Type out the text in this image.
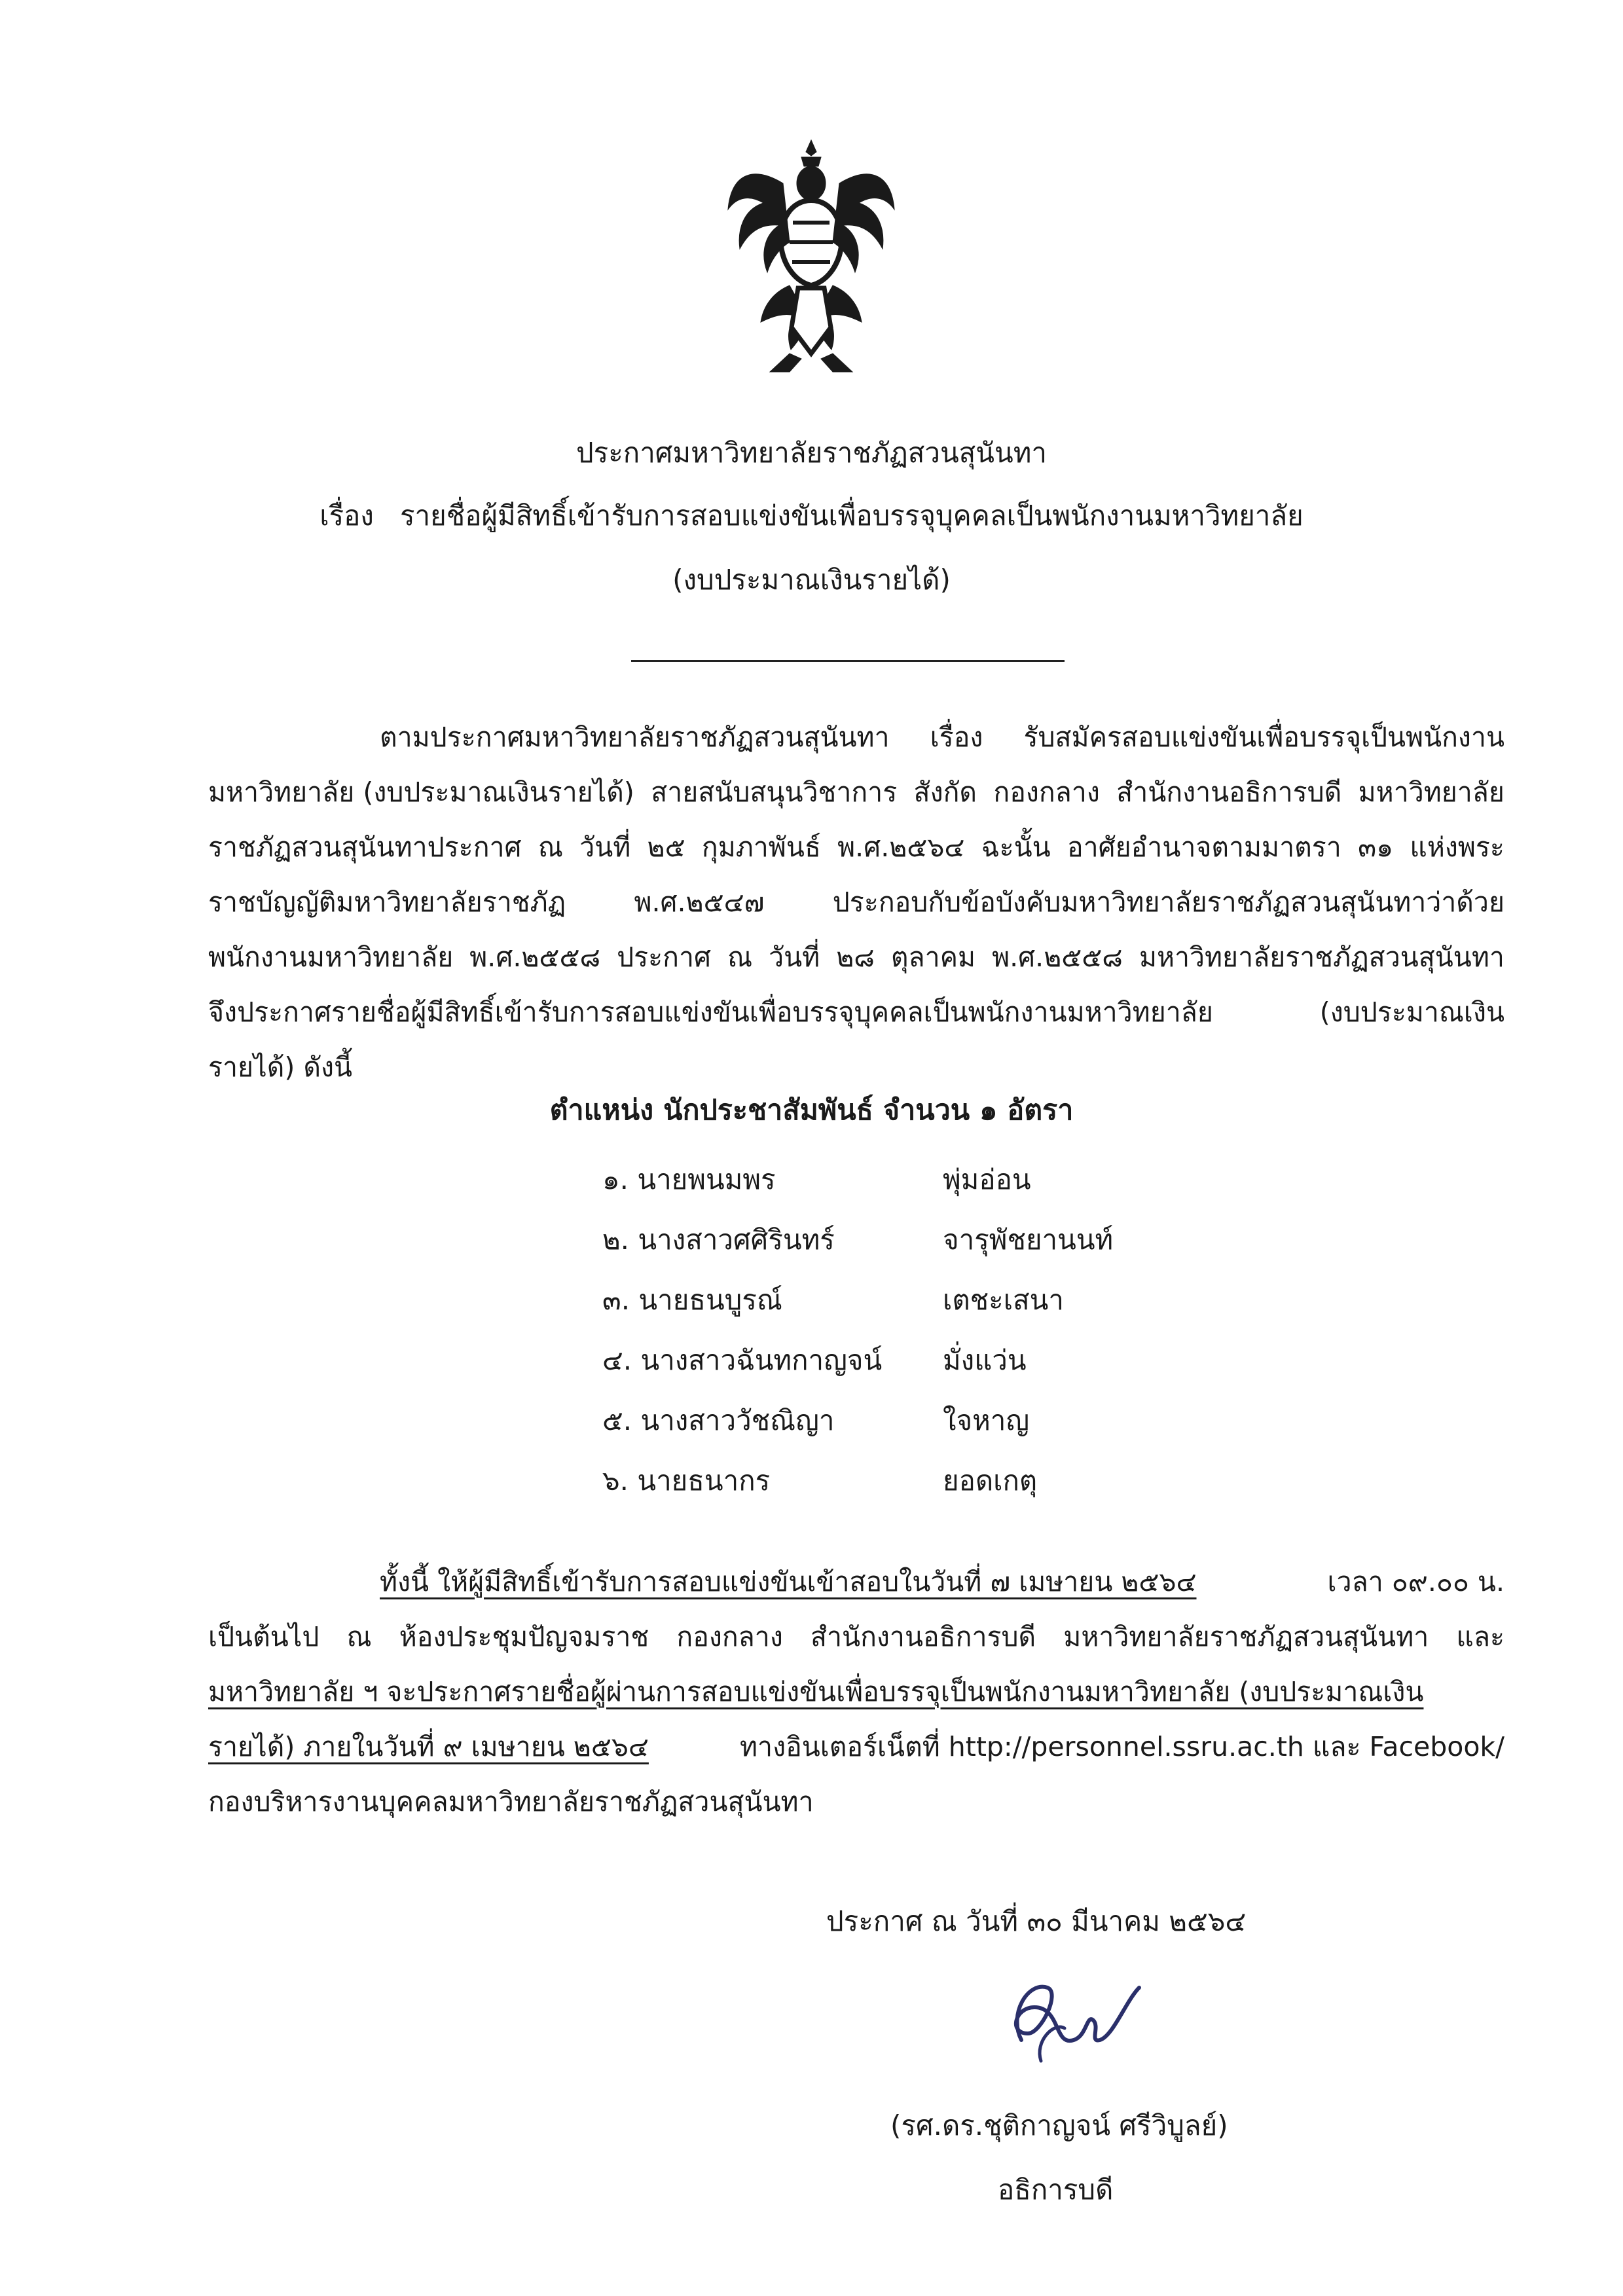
ประกาศมหาวิทยาลัยราชภัฏสวนสุนันทา
เรื่อง รายชื่อผู้มีสิทธิ์เข้ารับการสอบแข่งขันเพื่อบรรจุบุคคลเป็นพนักงานมหาวิทยาลัย
(งบประมาณเงินรายได้)
ตามประกาศมหาวิทยาลัยราชภัฏสวนสุนันทา เรื่อง รับสมัครสอบแข่งขันเพื่อบรรจุเป็นพนักงาน
มหาวิทยาลัย (งบประมาณเงินรายได้) สายสนับสนุนวิชาการ สังกัด กองกลาง สำนักงานอธิการบดี มหาวิทยาลัย
ราชภัฏสวนสุนันทาประกาศ ณ วันที่ ๒๕ กุมภาพันธ์ พ.ศ.๒๕๖๔ ฉะนั้น อาศัยอำนาจตามมาตรา ๓๑ แห่งพระ
ราชบัญญัติมหาวิทยาลัยราชภัฏ	พ.ศ.๒๕๔๗	ประกอบกับข้อบังคับมหาวิทยาลัยราชภัฏสวนสุนันทาว่าด้วย
พนักงานมหาวิทยาลัย พ.ศ.๒๕๕๘ ประกาศ ณ วันที่ ๒๘ ตุลาคม พ.ศ.๒๕๕๘ มหาวิทยาลัยราชภัฏสวนสุนันทา
จึงประกาศรายชื่อผู้มีสิทธิ์เข้ารับการสอบแข่งขันเพื่อบรรจุบุคคลเป็นพนักงานมหาวิทยาลัย	(งบประมาณเงิน
รายได้) ดังนี้
ตำแหน่ง นักประชาสัมพันธ์ จำนวน ๑ อัตรา
๑. นายพนมพร	พุ่มอ่อน
๒. นางสาวศศิรินทร์	จารุพัชยานนท์
๓. นายธนบูรณ์	เตชะเสนา
๔. นางสาวฉันทกาญจน์	มั่งแว่น
๕. นางสาววัชณิญา	ใจหาญ
๖. นายธนากร	ยอดเกตุ
ทั้งนี้ ให้ผู้มีสิทธิ์เข้ารับการสอบแข่งขันเข้าสอบในวันที่ ๗ เมษายน ๒๕๖๔	เวลา ๐๙.๐๐ น.
เป็นต้นไป ณ ห้องประชุมปัญจมราช กองกลาง สำนักงานอธิการบดี มหาวิทยาลัยราชภัฏสวนสุนันทา และ
มหาวิทยาลัย ฯ จะประกาศรายชื่อผู้ผ่านการสอบแข่งขันเพื่อบรรจุเป็นพนักงานมหาวิทยาลัย (งบประมาณเงิน
รายได้) ภายในวันที่ ๙ เมษายน ๒๕๖๔	ทางอินเตอร์เน็ตที่ http://personnel.ssru.ac.th และ Facebook/
กองบริหารงานบุคคลมหาวิทยาลัยราชภัฏสวนสุนันทา
ประกาศ ณ วันที่ ๓๐ มีนาคม ๒๕๖๔
(รศ.ดร.ชุติกาญจน์ ศรีวิบูลย์)
อธิการบดี
